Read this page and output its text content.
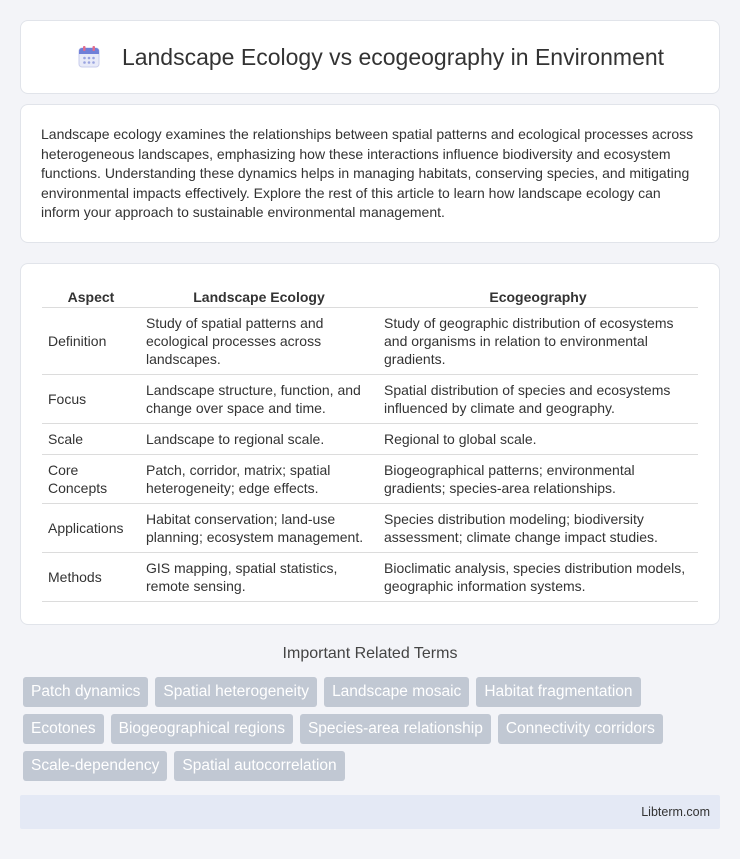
Landscape Ecology vs ecogeography in Environment

Landscape ecology examines the relationships between spatial patterns and ecological processes across heterogeneous landscapes, emphasizing how these interactions influence biodiversity and ecosystem functions. Understanding these dynamics helps in managing habitats, conserving species, and mitigating environmental impacts effectively. Explore the rest of this article to learn how landscape ecology can inform your approach to sustainable environmental management.

Aspect	Landscape Ecology	Ecogeography
Definition	Study of spatial patterns and ecological processes across landscapes.	Study of geographic distribution of ecosystems and organisms in relation to environmental gradients.
Focus	Landscape structure, function, and change over space and time.	Spatial distribution of species and ecosystems influenced by climate and geography.
Scale	Landscape to regional scale.	Regional to global scale.
Core Concepts	Patch, corridor, matrix; spatial heterogeneity; edge effects.	Biogeographical patterns; environmental gradients; species-area relationships.
Applications	Habitat conservation; land-use planning; ecosystem management.	Species distribution modeling; biodiversity assessment; climate change impact studies.
Methods	GIS mapping, spatial statistics, remote sensing.	Bioclimatic analysis, species distribution models, geographic information systems.
Important Related Terms
Patch dynamics	Spatial heterogeneity	Landscape mosaic	Habitat fragmentation
Ecotones	Biogeographical regions	Species-area relationship	Connectivity corridors
Scale-dependency	Spatial autocorrelation
Libterm.com
